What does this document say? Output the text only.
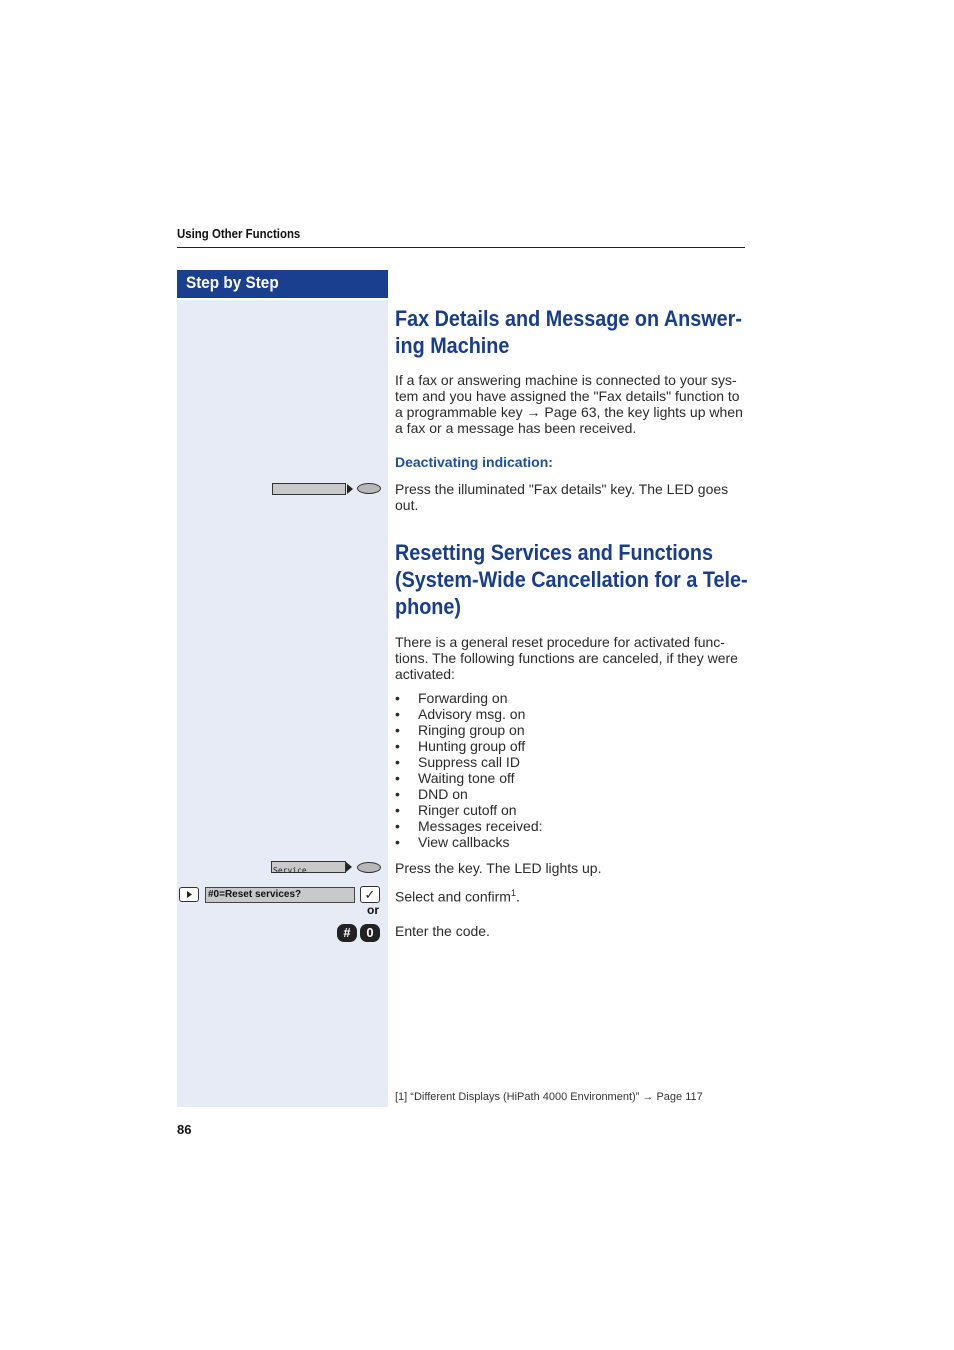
Using Other Functions
Step by Step
Fax Details and Message on Answer-
ing Machine
If a fax or answering machine is connected to your sys-
tem and you have assigned the "Fax details" function to
a programmable key → Page 63, the key lights up when
a fax or a message has been received.
Deactivating indication:
Press the illuminated "Fax details" key. The LED goes
out.
Resetting Services and Functions
(System-Wide Cancellation for a Tele-
phone)
There is a general reset procedure for activated func-
tions. The following functions are canceled, if they were
activated:
• Forwarding on
• Advisory msg. on
• Ringing group on
• Hunting group off
• Suppress call ID
• Waiting tone off
• DND on
• Ringer cutoff on
• Messages received:
• View callbacks
Service	Press the key. The LED lights up.
#0=Reset services?	✓	Select and confirm$^1$.
or
#	0	Enter the code.
[1] “Different Displays (HiPath 4000 Environment)” → Page 117
86
